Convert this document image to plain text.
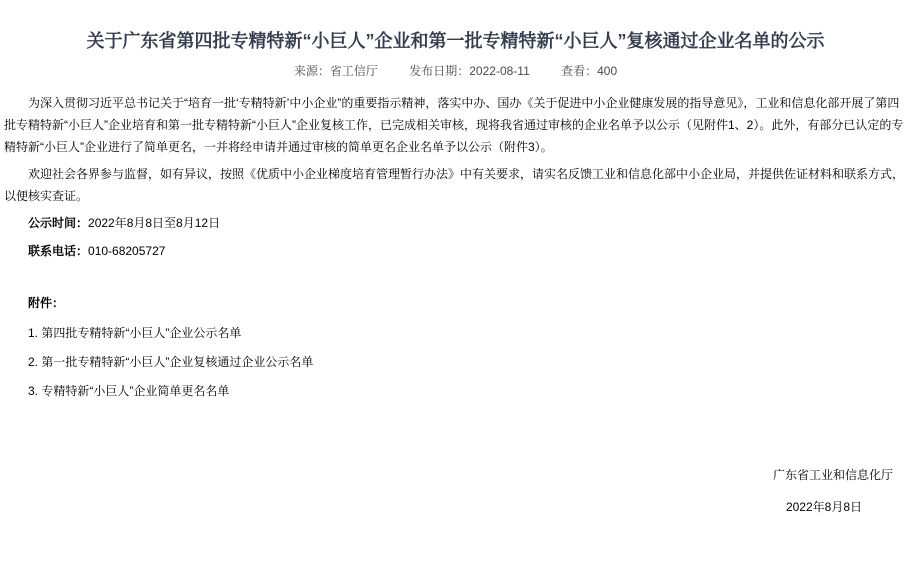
关于广东省第四批专精特新“小巨人”企业和第一批专精特新“小巨人”复核通过企业名单的公示
来源：省工信厅	发布日期：2022-08-11	查看：400

为深入贯彻习近平总书记关于“培育一批‘专精特新’中小企业”的重要指示精神，落实中办、国办《关于促进中小企业健康发展的指导意见》，工业和信息化部开展了第四批专精特新“小巨人”企业培育和第一批专精特新“小巨人”企业复核工作，已完成相关审核，现将我省通过审核的企业名单予以公示（见附件1、2）。此外，有部分已认定的专精特新“小巨人”企业进行了简单更名，一并将经申请并通过审核的简单更名企业名单予以公示（附件3）。

欢迎社会各界参与监督，如有异议，按照《优质中小企业梯度培育管理暂行办法》中有关要求，请实名反馈工业和信息化部中小企业局，并提供佐证材料和联系方式，以便核实查证。

公示时间：2022年8月8日至8月12日

联系电话：010-68205727

附件：

1. 第四批专精特新“小巨人”企业公示名单

2. 第一批专精特新“小巨人”企业复核通过企业公示名单

3. 专精特新“小巨人”企业简单更名名单

广东省工业和信息化厅
2022年8月8日
